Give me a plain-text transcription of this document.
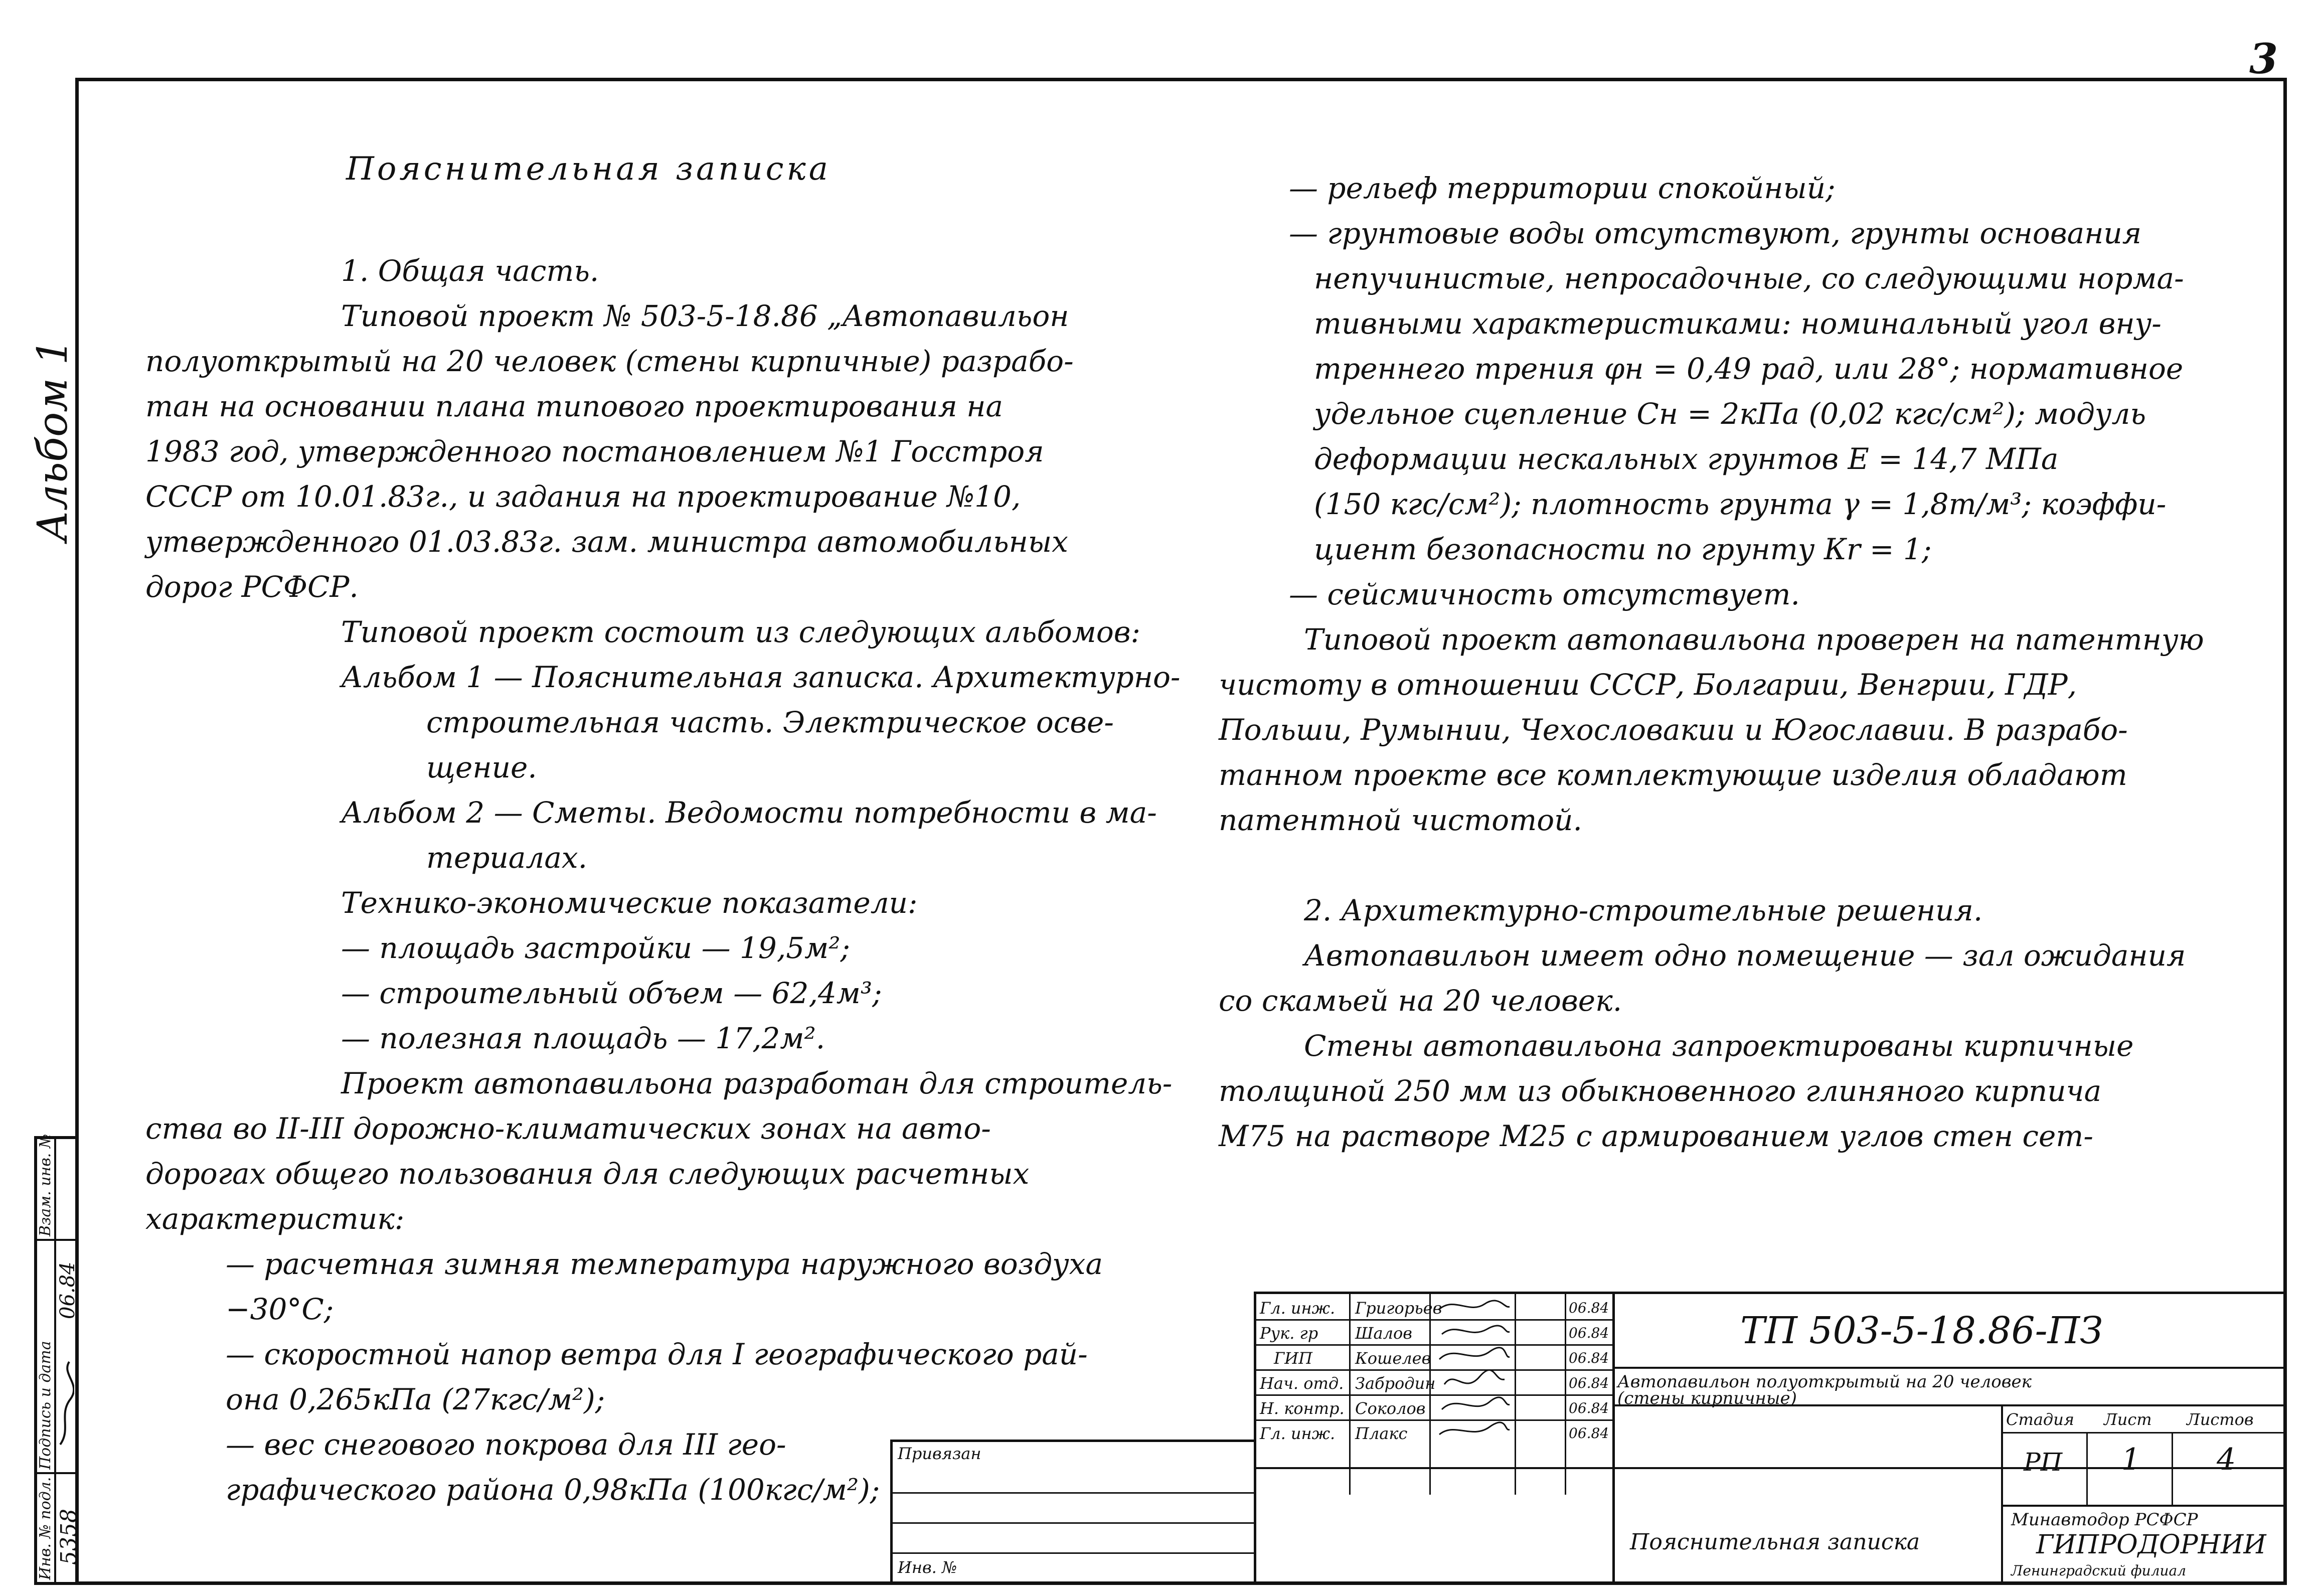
3
Альбом 1
Пояснительная записка

1. Общая часть.

Типовой проект № 503-5-18.86 „Автопавильон

полуоткрытый на 20 человек (стены кирпичные) разрабо-

тан на основании плана типового проектирования на

1983 год, утвержденного постановлением №1 Госстроя

СССР от 10.01.83г., и задания на проектирование №10,

утвержденного 01.03.83г. зам. министра автомобильных

дорог РСФСР.

Типовой проект состоит из следующих альбомов:

Альбом 1 — Пояснительная записка. Архитектурно-

строительная часть. Электрическое осве-

щение.

Альбом 2 — Сметы. Ведомости потребности в ма-

териалах.

Технико-экономические показатели:

— площадь застройки — 19,5м²;

— строительный объем — 62,4м³;

— полезная площадь — 17,2м².

Проект автопавильона разработан для строитель-

ства во II-III дорожно-климатических зонах на авто-

дорогах общего пользования для следующих расчетных

характеристик:

— расчетная зимняя температура наружного воздуха

−30°С;

— скоростной напор ветра для I географического рай-

она 0,265кПа (27кгс/м²);

— вес снегового покрова для III гео-

графического района 0,98кПа (100кгс/м²);

— рельеф территории спокойный;

— грунтовые воды отсутствуют, грунты основания

непучинистые, непросадочные, со следующими норма-

тивными характеристиками: номинальный угол вну-

треннего трения φн = 0,49 рад, или 28°; нормативное

удельное сцепление Cн = 2кПа (0,02 кгс/см²); модуль

деформации нескальных грунтов Е = 14,7 МПа

(150 кгс/см²); плотность грунта γ = 1,8т/м³; коэффи-

циент безопасности по грунту Кr = 1;

— сейсмичность отсутствует.

Типовой проект автопавильона проверен на патентную

чистоту в отношении СССР, Болгарии, Венгрии, ГДР,

Польши, Румынии, Чехословакии и Югославии. В разрабо-

танном проекте все комплектующие изделия обладают

патентной чистотой.

2. Архитектурно-строительные решения.

Автопавильон имеет одно помещение — зал ожидания

со скамьей на 20 человек.

Стены автопавильона запроектированы кирпичные

толщиной 250 мм из обыкновенного глиняного кирпича

М75 на растворе М25 с армированием углов стен сет-

Взам. инв. №
Подпись и дата
Инв. № подл.
06.84
5358
ТП 503-5-18.86-ПЗ
Автопавильон полуоткрытый на 20 человек
(стены кирпичные)
Пояснительная записка
Привязан
Инв. №
Стадия Лист Листов
РП 1	4
Минавтодор РСФСР
ГИПРОДОРНИИ
Ленинградский филиал
Гл. инж. Григорьев	06.84
Рук. гр Шалов	06.84
ГИП	Кошелев	06.84
Нач. отд. Забродин	06.84
Н. контр. Соколов	06.84
Гл. инж. Плакс	06.84
